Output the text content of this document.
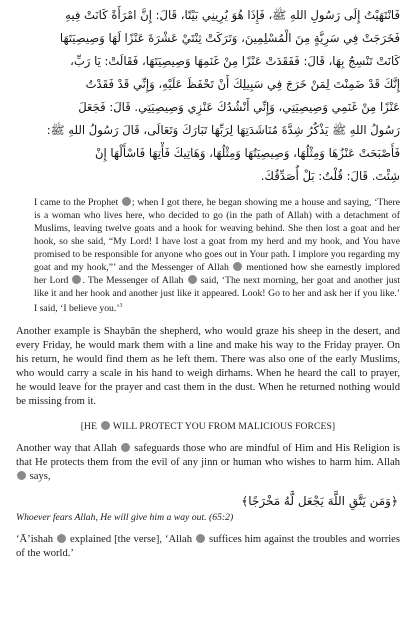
فَانْتَهَيْتُ إِلَى رَسُولِ اللهِ ﷺ، فَإِذَا هُوَ يُرِينِي بَيْتًا، قَالَ: إِنَّ امْرَأَةً كَانَتْ فِيهِ
فَخَرَجَتْ فِي سَرِيَّةٍ مِنَ الْمُسْلِمِينَ، وَتَرَكَتْ ثِنْتَيْ عَشْرَةَ عَنْزًا لَهَا وَصِيصِيَتَهَا
كَانَتْ تَنْسِجُ بِهَا، قَالَ: فَفَقَدَتْ عَنْزًا مِنْ غَنَمِهَا وَصِيصِيَتَهَا، فَقَالَتْ: يَا رَبِّ،
إِنَّكَ قَدْ ضَمِنْتَ لِمَنْ خَرَجَ فِي سَبِيلِكَ أَنْ تَحْفَظَ عَلَيْهِ، وَإِنِّي قَدْ فَقَدْتُ
عَنْزًا مِنْ غَنَمِي وَصِيصِيَتِي، وَإِنِّي أَنْشُدُكَ عَنْزِي وَصِيصِيَتِي. قَالَ: فَجَعَلَ
رَسُولُ اللهِ ﷺ يَذْكُرُ شِدَّةَ مُنَاشَدَتِهَا لِرَبِّهَا تَبَارَكَ وَتَعَالَى، قَالَ رَسُولُ اللهِ ﷺ:
فَأَصْبَحَتْ عَنْزُهَا وَمِثْلُهَا، وَصِيصِيَتُهَا وَمِثْلُهَا، وَهَاتِيكَ فَأْتِهَا فَاسْأَلْهَا إِنْ
شِئْتَ. قَالَ: قُلْتُ: بَلْ أُصَدِّقُكَ.

I came to the Prophet ; when I got there, he began showing me a house and saying, ‘There is a woman who lives here, who decided to go (in the path of Allah) with a detachment of Muslims, leaving twelve goats and a hook for weaving behind. She then lost a goat and her hook, so she said, “My Lord! I have lost a goat from my herd and my hook, and You have promised to be responsible for anyone who goes out in Your path. I implore you regarding my goat and my hook,”’ and the Messenger of Allah mentioned how she earnestly implored her Lord . The Messenger of Allah said, ‘The next morning, her goat and another just like it and her hook and another just like it appeared. Look! Go to her and ask her if you like.’ I said, ‘I believe you.’$^3$

Another example is Shaybān the shepherd, who would graze his sheep in the desert, and every Friday, he would mark them with a line and make his way to the Friday prayer. On his return, he would find them as he left them. There was also one of the early Muslims, who would carry a scale in his hand to weigh dirhams. When he heard the call to prayer, he would leave for the prayer and cast them in the dust. When he returned nothing would be missing from it.

[HE WILL PROTECT YOU FROM MALICIOUS FORCES]

Another way that Allah safeguards those who are mindful of Him and His Religion is that He protects them from the evil of any jinn or human who wishes to harm him. Allah  says,

﴿وَمَن يَتَّقِ اللَّهَ يَجْعَل لَّهُ مَخْرَجًا﴾

Whoever fears Allah, He will give him a way out. (65:2)

‘Ā’ishah explained [the verse], ‘Allah suffices him against the troubles and worries of the world.’
